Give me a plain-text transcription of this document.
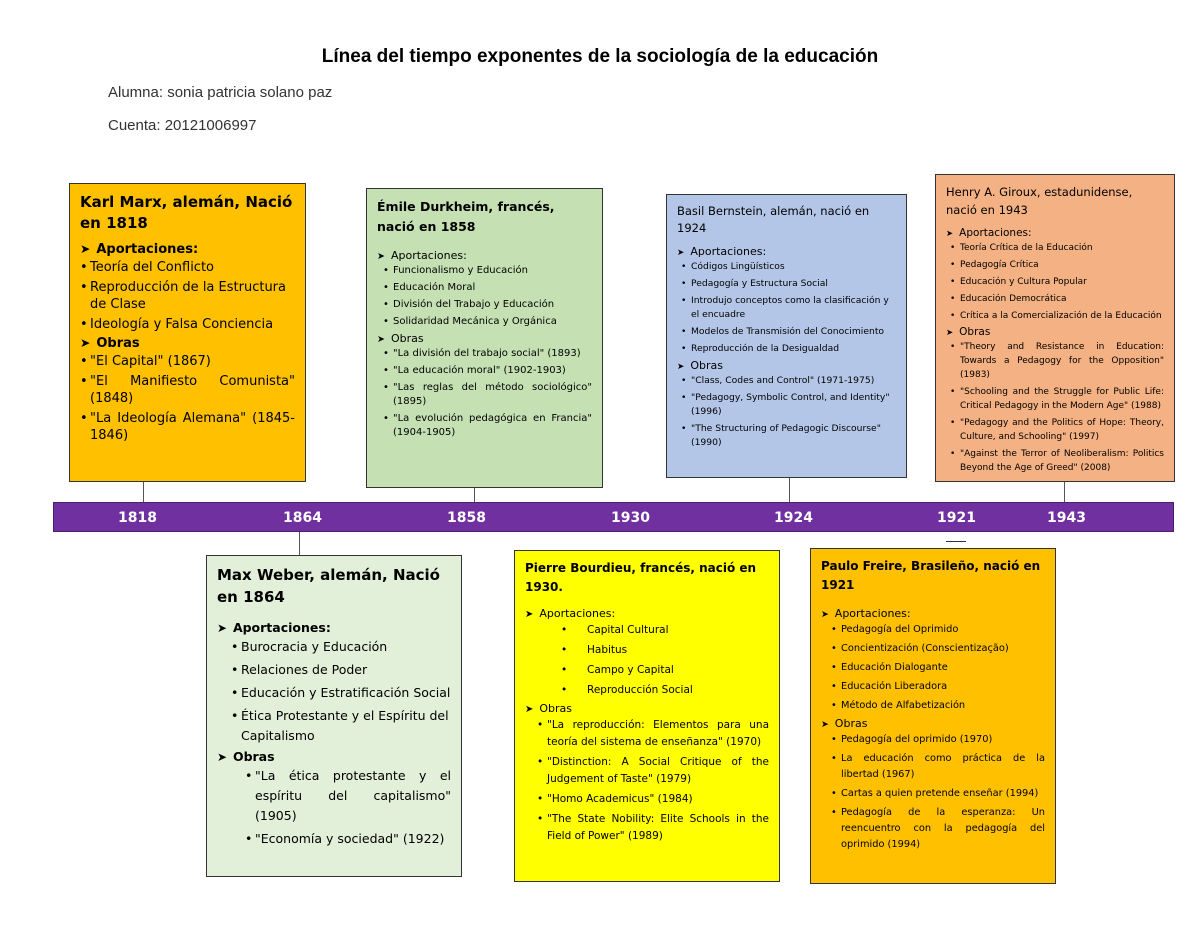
Línea del tiempo exponentes de la sociología de la educación
Alumna: sonia patricia solano paz
Cuenta: 20121006997
1818	1864	1858	1930	1924	1921	1943
Karl Marx, alemán, Nació en 1818
➤ Aportaciones:
• Teoría del Conflicto
• Reproducción de la Estructura de Clase
• Ideología y Falsa Conciencia
➤ Obras
• "El Capital" (1867)
• "El Manifiesto Comunista" (1848)
• "La Ideología Alemana" (1845-1846)
Émile Durkheim, francés, nació en 1858
➤ Aportaciones:
• Funcionalismo y Educación
• Educación Moral
• División del Trabajo y Educación
• Solidaridad Mecánica y Orgánica
➤ Obras
• "La división del trabajo social" (1893)
• "La educación moral" (1902-1903)
• "Las reglas del método sociológico" (1895)
• "La evolución pedagógica en Francia" (1904-1905)
Basil Bernstein, alemán, nació en 1924
➤ Aportaciones:
• Códigos Lingüísticos
• Pedagogía y Estructura Social
• Introdujo conceptos como la clasificación y el encuadre
• Modelos de Transmisión del Conocimiento
• Reproducción de la Desigualdad
➤ Obras
• "Class, Codes and Control" (1971-1975)
• "Pedagogy, Symbolic Control, and Identity" (1996)
• "The Structuring of Pedagogic Discourse" (1990)
Henry A. Giroux, estadunidense, nació en 1943
➤ Aportaciones:
• Teoría Crítica de la Educación
• Pedagogía Crítica
• Educación y Cultura Popular
• Educación Democrática
• Crítica a la Comercialización de la Educación
➤ Obras
• "Theory and Resistance in Education: Towards a Pedagogy for the Opposition" (1983)
• "Schooling and the Struggle for Public Life: Critical Pedagogy in the Modern Age" (1988)
• "Pedagogy and the Politics of Hope: Theory, Culture, and Schooling" (1997)
• "Against the Terror of Neoliberalism: Politics Beyond the Age of Greed" (2008)
Max Weber, alemán, Nació en 1864
➤ Aportaciones:
• Burocracia y Educación
• Relaciones de Poder
• Educación y Estratificación Social
• Ética Protestante y el Espíritu del Capitalismo
➤ Obras
• "La ética protestante y el espíritu del capitalismo" (1905)
• "Economía y sociedad" (1922)
Pierre Bourdieu, francés, nació en 1930.
➤ Aportaciones:
• Capital Cultural
• Habitus
• Campo y Capital
• Reproducción Social
➤ Obras
• "La reproducción: Elementos para una teoría del sistema de enseñanza" (1970)
• "Distinction: A Social Critique of the Judgement of Taste" (1979)
• "Homo Academicus" (1984)
• "The State Nobility: Elite Schools in the Field of Power" (1989)
Paulo Freire, Brasileño, nació en 1921
➤ Aportaciones:
• Pedagogía del Oprimido
• Concientización (Conscientização)
• Educación Dialogante
• Educación Liberadora
• Método de Alfabetización
➤ Obras
• Pedagogía del oprimido (1970)
• La educación como práctica de la libertad (1967)
• Cartas a quien pretende enseñar (1994)
• Pedagogía de la esperanza: Un reencuentro con la pedagogía del oprimido (1994)
